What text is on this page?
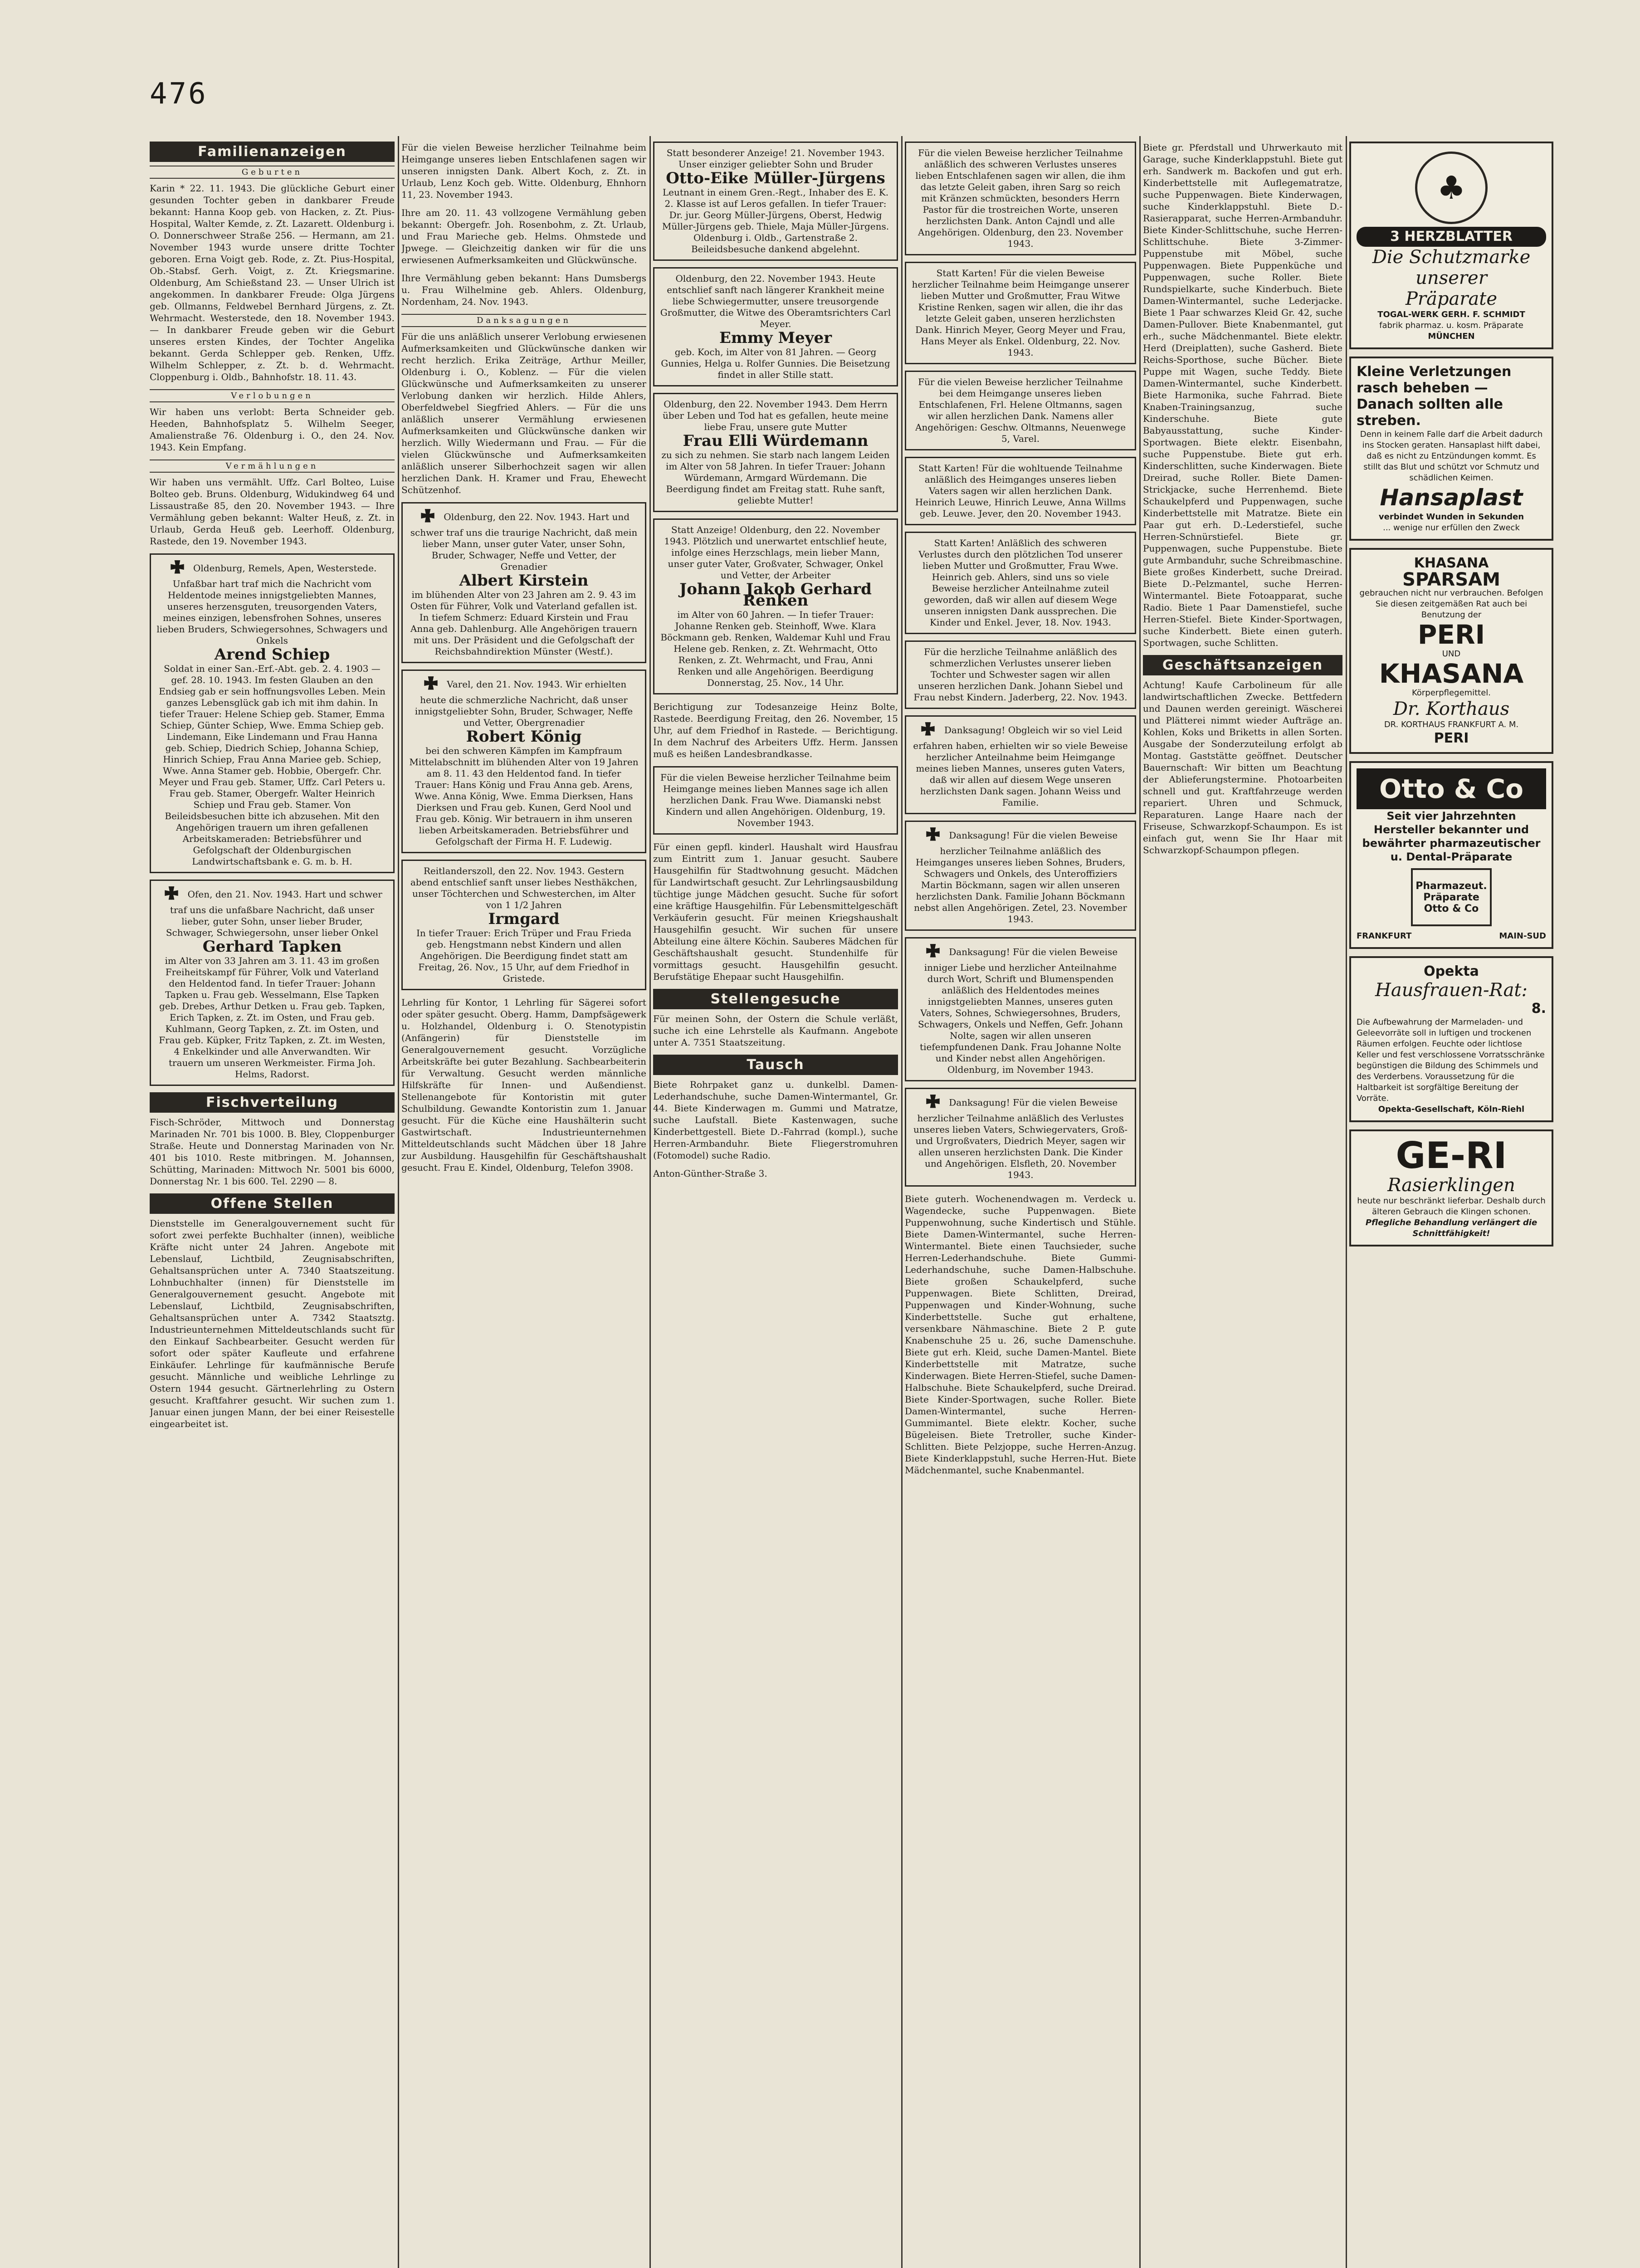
476
Familienanzeigen
Geburten
Karin * 22. 11. 1943. Die glückliche Geburt einer gesunden Tochter geben in dankbarer Freude bekannt: Hanna Koop geb. von Hacken, z. Zt. Pius-Hospital, Walter Kemde, z. Zt. Lazarett. Oldenburg i. O. Donnerschweer Straße 256. — Hermann, am 21. November 1943 wurde unsere dritte Tochter geboren. Erna Voigt geb. Rode, z. Zt. Pius-Hospital, Ob.-Stabsf. Gerh. Voigt, z. Zt. Kriegsmarine. Oldenburg, Am Schießstand 23. — Unser Ulrich ist angekommen. In dankbarer Freude: Olga Jürgens geb. Ollmanns, Feldwebel Bernhard Jürgens, z. Zt. Wehrmacht. Westerstede, den 18. November 1943. — In dankbarer Freude geben wir die Geburt unseres ersten Kindes, der Tochter Angelika bekannt. Gerda Schlepper geb. Renken, Uffz. Wilhelm Schlepper, z. Zt. b. d. Wehrmacht. Cloppenburg i. Oldb., Bahnhofstr. 18. 11. 43.
Verlobungen
Wir haben uns verlobt: Berta Schneider geb. Heeden, Bahnhofsplatz 5. Wilhelm Seeger, Amalienstraße 76. Oldenburg i. O., den 24. Nov. 1943. Kein Empfang.
Vermählungen
Wir haben uns vermählt. Uffz. Carl Bolteo, Luise Bolteo geb. Bruns. Oldenburg, Widukindweg 64 und Lissaustraße 85, den 20. November 1943. — Ihre Vermählung geben bekannt: Walter Heuß, z. Zt. in Urlaub, Gerda Heuß geb. Leerhoff. Oldenburg, Rastede, den 19. November 1943.
Oldenburg, Remels, Apen, Westerstede. Unfaßbar hart traf mich die Nachricht vom Heldentode meines innigstgeliebten Mannes, unseres herzensguten, treusorgenden Vaters, meines einzigen, lebensfrohen Sohnes, unseres lieben Bruders, Schwiegersohnes, Schwagers und Onkels
Arend Schiep
Soldat in einer San.-Erf.-Abt. geb. 2. 4. 1903 — gef. 28. 10. 1943. Im festen Glauben an den Endsieg gab er sein hoffnungsvolles Leben. Mein ganzes Lebensglück gab ich mit ihm dahin. In tiefer Trauer: Helene Schiep geb. Stamer, Emma Schiep, Günter Schiep, Wwe. Emma Schiep geb. Lindemann, Eike Lindemann und Frau Hanna geb. Schiep, Diedrich Schiep, Johanna Schiep, Hinrich Schiep, Frau Anna Mariee geb. Schiep, Wwe. Anna Stamer geb. Hobbie, Obergefr. Chr. Meyer und Frau geb. Stamer, Uffz. Carl Peters u. Frau geb. Stamer, Obergefr. Walter Heinrich Schiep und Frau geb. Stamer. Von Beileidsbesuchen bitte ich abzusehen. Mit den Angehörigen trauern um ihren gefallenen Arbeitskameraden: Betriebsführer und Gefolgschaft der Oldenburgischen Landwirtschaftsbank e. G. m. b. H.
Ofen, den 21. Nov. 1943. Hart und schwer traf uns die unfaßbare Nachricht, daß unser lieber, guter Sohn, unser lieber Bruder, Schwager, Schwiegersohn, unser lieber Onkel
Gerhard Tapken
im Alter von 33 Jahren am 3. 11. 43 im großen Freiheitskampf für Führer, Volk und Vaterland den Heldentod fand. In tiefer Trauer: Johann Tapken u. Frau geb. Wesselmann, Else Tapken geb. Drebes, Arthur Detken u. Frau geb. Tapken, Erich Tapken, z. Zt. im Osten, und Frau geb. Kuhlmann, Georg Tapken, z. Zt. im Osten, und Frau geb. Küpker, Fritz Tapken, z. Zt. im Westen, 4 Enkelkinder und alle Anverwandten. Wir trauern um unseren Werkmeister. Firma Joh. Helms, Radorst.
Fischverteilung
Fisch-Schröder, Mittwoch und Donnerstag Marinaden Nr. 701 bis 1000. B. Bley, Cloppenburger Straße. Heute und Donnerstag Marinaden von Nr. 401 bis 1010. Reste mitbringen. M. Johannsen, Schütting, Marinaden: Mittwoch Nr. 5001 bis 6000, Donnerstag Nr. 1 bis 600. Tel. 2290 — 8.
Offene Stellen
Dienststelle im Generalgouvernement sucht für sofort zwei perfekte Buchhalter (innen), weibliche Kräfte nicht unter 24 Jahren. Angebote mit Lebenslauf, Lichtbild, Zeugnisabschriften, Gehaltsansprüchen unter A. 7340 Staatszeitung. Lohnbuchhalter (innen) für Dienststelle im Generalgouvernement gesucht. Angebote mit Lebenslauf, Lichtbild, Zeugnisabschriften, Gehaltsansprüchen unter A. 7342 Staatsztg. Industrieunternehmen Mitteldeutschlands sucht für den Einkauf Sachbearbeiter. Gesucht werden für sofort oder später Kaufleute und erfahrene Einkäufer. Lehrlinge für kaufmännische Berufe gesucht. Männliche und weibliche Lehrlinge zu Ostern 1944 gesucht. Gärtnerlehrling zu Ostern gesucht. Kraftfahrer gesucht. Wir suchen zum 1. Januar einen jungen Mann, der bei einer Reisestelle eingearbeitet ist.
Für die vielen Beweise herzlicher Teilnahme beim Heimgange unseres lieben Entschlafenen sagen wir unseren innigsten Dank. Albert Koch, z. Zt. in Urlaub, Lenz Koch geb. Witte. Oldenburg, Ehnhorn 11, 23. November 1943.
Ihre am 20. 11. 43 vollzogene Vermählung geben bekannt: Obergefr. Joh. Rosenbohm, z. Zt. Urlaub, und Frau Marieche geb. Helms. Ohmstede und Jpwege. — Gleichzeitig danken wir für die uns erwiesenen Aufmerksamkeiten und Glückwünsche.
Ihre Vermählung geben bekannt: Hans Dumsbergs u. Frau Wilhelmine geb. Ahlers. Oldenburg, Nordenham, 24. Nov. 1943.
Danksagungen
Für die uns anläßlich unserer Verlobung erwiesenen Aufmerksamkeiten und Glückwünsche danken wir recht herzlich. Erika Zeiträge, Arthur Meiller, Oldenburg i. O., Koblenz. — Für die vielen Glückwünsche und Aufmerksamkeiten zu unserer Verlobung danken wir herzlich. Hilde Ahlers, Oberfeldwebel Siegfried Ahlers. — Für die uns anläßlich unserer Vermählung erwiesenen Aufmerksamkeiten und Glückwünsche danken wir herzlich. Willy Wiedermann und Frau. — Für die vielen Glückwünsche und Aufmerksamkeiten anläßlich unserer Silberhochzeit sagen wir allen herzlichen Dank. H. Kramer und Frau, Ehewecht Schützenhof.
Oldenburg, den 22. Nov. 1943. Hart und schwer traf uns die traurige Nachricht, daß mein lieber Mann, unser guter Vater, unser Sohn, Bruder, Schwager, Neffe und Vetter, der Grenadier
Albert Kirstein
im blühenden Alter von 23 Jahren am 2. 9. 43 im Osten für Führer, Volk und Vaterland gefallen ist. In tiefem Schmerz: Eduard Kirstein und Frau Anna geb. Dahlenburg. Alle Angehörigen trauern mit uns. Der Präsident und die Gefolgschaft der Reichsbahndirektion Münster (Westf.).
Varel, den 21. Nov. 1943. Wir erhielten heute die schmerzliche Nachricht, daß unser innigstgeliebter Sohn, Bruder, Schwager, Neffe und Vetter, Obergrenadier
Robert König
bei den schweren Kämpfen im Kampfraum Mittelabschnitt im blühenden Alter von 19 Jahren am 8. 11. 43 den Heldentod fand. In tiefer Trauer: Hans König und Frau Anna geb. Arens, Wwe. Anna König, Wwe. Emma Dierksen, Hans Dierksen und Frau geb. Kunen, Gerd Nool und Frau geb. König. Wir betrauern in ihm unseren lieben Arbeitskameraden. Betriebsführer und Gefolgschaft der Firma H. F. Ludewig.
Reitlanderszoll, den 22. Nov. 1943. Gestern abend entschlief sanft unser liebes Nesthäkchen, unser Töchterchen und Schwesterchen, im Alter von 1 1/2 Jahren
Irmgard
In tiefer Trauer: Erich Trüper und Frau Frieda geb. Hengstmann nebst Kindern und allen Angehörigen. Die Beerdigung findet statt am Freitag, 26. Nov., 15 Uhr, auf dem Friedhof in Gristede.
Lehrling für Kontor, 1 Lehrling für Sägerei sofort oder später gesucht. Oberg. Hamm, Dampfsägewerk u. Holzhandel, Oldenburg i. O. Stenotypistin (Anfängerin) für Dienststelle im Generalgouvernement gesucht. Vorzügliche Arbeitskräfte bei guter Bezahlung. Sachbearbeiterin für Verwaltung. Gesucht werden männliche Hilfskräfte für Innen- und Außendienst. Stellenangebote für Kontoristin mit guter Schulbildung. Gewandte Kontoristin zum 1. Januar gesucht. Für die Küche eine Haushälterin sucht Gastwirtschaft. Industrieunternehmen Mitteldeutschlands sucht Mädchen über 18 Jahre zur Ausbildung. Hausgehilfin für Geschäftshaushalt gesucht. Frau E. Kindel, Oldenburg, Telefon 3908.
Statt besonderer Anzeige! 21. November 1943. Unser einziger geliebter Sohn und Bruder
Otto-Eike Müller-Jürgens
Leutnant in einem Gren.-Regt., Inhaber des E. K. 2. Klasse ist auf Leros gefallen. In tiefer Trauer: Dr. jur. Georg Müller-Jürgens, Oberst, Hedwig Müller-Jürgens geb. Thiele, Maja Müller-Jürgens. Oldenburg i. Oldb., Gartenstraße 2. Beileidsbesuche dankend abgelehnt.
Oldenburg, den 22. November 1943. Heute entschlief sanft nach längerer Krankheit meine liebe Schwiegermutter, unsere treusorgende Großmutter, die Witwe des Oberamtsrichters Carl Meyer.
Emmy Meyer
geb. Koch, im Alter von 81 Jahren. — Georg Gunnies, Helga u. Rolfer Gunnies. Die Beisetzung findet in aller Stille statt.
Oldenburg, den 22. November 1943. Dem Herrn über Leben und Tod hat es gefallen, heute meine liebe Frau, unsere gute Mutter
Frau Elli Würdemann
zu sich zu nehmen. Sie starb nach langem Leiden im Alter von 58 Jahren. In tiefer Trauer: Johann Würdemann, Armgard Würdemann. Die Beerdigung findet am Freitag statt. Ruhe sanft, geliebte Mutter!
Statt Anzeige! Oldenburg, den 22. November 1943. Plötzlich und unerwartet entschlief heute, infolge eines Herzschlags, mein lieber Mann, unser guter Vater, Großvater, Schwager, Onkel und Vetter, der Arbeiter
Johann Jakob Gerhard Renken
im Alter von 60 Jahren. — In tiefer Trauer: Johanne Renken geb. Steinhoff, Wwe. Klara Böckmann geb. Renken, Waldemar Kuhl und Frau Helene geb. Renken, z. Zt. Wehrmacht, Otto Renken, z. Zt. Wehrmacht, und Frau, Anni Renken und alle Angehörigen. Beerdigung Donnerstag, 25. Nov., 14 Uhr.
Berichtigung zur Todesanzeige Heinz Bolte, Rastede. Beerdigung Freitag, den 26. November, 15 Uhr, auf dem Friedhof in Rastede. — Berichtigung. In dem Nachruf des Arbeiters Uffz. Herm. Janssen muß es heißen Landesbrandkasse.
Für die vielen Beweise herzlicher Teilnahme beim Heimgange meines lieben Mannes sage ich allen herzlichen Dank. Frau Wwe. Diamanski nebst Kindern und allen Angehörigen. Oldenburg, 19. November 1943.
Für einen gepfl. kinderl. Haushalt wird Hausfrau zum Eintritt zum 1. Januar gesucht. Saubere Hausgehilfin für Stadtwohnung gesucht. Mädchen für Landwirtschaft gesucht. Zur Lehrlingsausbildung tüchtige junge Mädchen gesucht. Suche für sofort eine kräftige Hausgehilfin. Für Lebensmittelgeschäft Verkäuferin gesucht. Für meinen Kriegshaushalt Hausgehilfin gesucht. Wir suchen für unsere Abteilung eine ältere Köchin. Sauberes Mädchen für Geschäftshaushalt gesucht. Stundenhilfe für vormittags gesucht. Hausgehilfin gesucht. Berufstätige Ehepaar sucht Hausgehilfin.
Stellengesuche
Für meinen Sohn, der Ostern die Schule verläßt, suche ich eine Lehrstelle als Kaufmann. Angebote unter A. 7351 Staatszeitung.
Tausch
Biete Rohrpaket ganz u. dunkelbl. Damen-Lederhandschuhe, suche Damen-Wintermantel, Gr. 44. Biete Kinderwagen m. Gummi und Matratze, suche Laufstall. Biete Kastenwagen, suche Kinderbettgestell. Biete D.-Fahrrad (kompl.), suche Herren-Armbanduhr. Biete Fliegerstromuhren (Fotomodel) suche Radio.
Anton-Günther-Straße 3.
Für die vielen Beweise herzlicher Teilnahme anläßlich des schweren Verlustes unseres lieben Entschlafenen sagen wir allen, die ihm das letzte Geleit gaben, ihren Sarg so reich mit Kränzen schmückten, besonders Herrn Pastor für die trostreichen Worte, unseren herzlichsten Dank. Anton Cajndl und alle Angehörigen. Oldenburg, den 23. November 1943.
Statt Karten! Für die vielen Beweise herzlicher Teilnahme beim Heimgange unserer lieben Mutter und Großmutter, Frau Witwe Kristine Renken, sagen wir allen, die ihr das letzte Geleit gaben, unseren herzlichsten Dank. Hinrich Meyer, Georg Meyer und Frau, Hans Meyer als Enkel. Oldenburg, 22. Nov. 1943.
Für die vielen Beweise herzlicher Teilnahme bei dem Heimgange unseres lieben Entschlafenen, Frl. Helene Oltmanns, sagen wir allen herzlichen Dank. Namens aller Angehörigen: Geschw. Oltmanns, Neuenwege 5, Varel.
Statt Karten! Für die wohltuende Teilnahme anläßlich des Heimganges unseres lieben Vaters sagen wir allen herzlichen Dank. Heinrich Leuwe, Hinrich Leuwe, Anna Willms geb. Leuwe. Jever, den 20. November 1943.
Statt Karten! Anläßlich des schweren Verlustes durch den plötzlichen Tod unserer lieben Mutter und Großmutter, Frau Wwe. Heinrich geb. Ahlers, sind uns so viele Beweise herzlicher Anteilnahme zuteil geworden, daß wir allen auf diesem Wege unseren innigsten Dank aussprechen. Die Kinder und Enkel. Jever, 18. Nov. 1943.
Für die herzliche Teilnahme anläßlich des schmerzlichen Verlustes unserer lieben Tochter und Schwester sagen wir allen unseren herzlichen Dank. Johann Siebel und Frau nebst Kindern. Jaderberg, 22. Nov. 1943.
Danksagung! Obgleich wir so viel Leid erfahren haben, erhielten wir so viele Beweise herzlicher Anteilnahme beim Heimgange meines lieben Mannes, unseres guten Vaters, daß wir allen auf diesem Wege unseren herzlichsten Dank sagen. Johann Weiss und Familie.
Danksagung! Für die vielen Beweise herzlicher Teilnahme anläßlich des Heimganges unseres lieben Sohnes, Bruders, Schwagers und Onkels, des Unteroffiziers Martin Böckmann, sagen wir allen unseren herzlichsten Dank. Familie Johann Böckmann nebst allen Angehörigen. Zetel, 23. November 1943.
Danksagung! Für die vielen Beweise inniger Liebe und herzlicher Anteilnahme durch Wort, Schrift und Blumenspenden anläßlich des Heldentodes meines innigstgeliebten Mannes, unseres guten Vaters, Sohnes, Schwiegersohnes, Bruders, Schwagers, Onkels und Neffen, Gefr. Johann Nolte, sagen wir allen unseren tiefempfundenen Dank. Frau Johanne Nolte und Kinder nebst allen Angehörigen. Oldenburg, im November 1943.
Danksagung! Für die vielen Beweise herzlicher Teilnahme anläßlich des Verlustes unseres lieben Vaters, Schwiegervaters, Groß- und Urgroßvaters, Diedrich Meyer, sagen wir allen unseren herzlichsten Dank. Die Kinder und Angehörigen. Elsfleth, 20. November 1943.
Biete guterh. Wochenendwagen m. Verdeck u. Wagendecke, suche Puppenwagen. Biete Puppenwohnung, suche Kindertisch und Stühle. Biete Damen-Wintermantel, suche Herren-Wintermantel. Biete einen Tauchsieder, suche Herren-Lederhandschuhe. Biete Gummi-Lederhandschuhe, suche Damen-Halbschuhe. Biete großen Schaukelpferd, suche Puppenwagen. Biete Schlitten, Dreirad, Puppenwagen und Kinder-Wohnung, suche Kinderbettstelle. Suche gut erhaltene, versenkbare Nähmaschine. Biete 2 P. gute Knabenschuhe 25 u. 26, suche Damenschuhe. Biete gut erh. Kleid, suche Damen-Mantel. Biete Kinderbettstelle mit Matratze, suche Kinderwagen. Biete Herren-Stiefel, suche Damen-Halbschuhe. Biete Schaukelpferd, suche Dreirad. Biete Kinder-Sportwagen, suche Roller. Biete Damen-Wintermantel, suche Herren-Gummimantel. Biete elektr. Kocher, suche Bügeleisen. Biete Tretroller, suche Kinder-Schlitten. Biete Pelzjoppe, suche Herren-Anzug. Biete Kinderklappstuhl, suche Herren-Hut. Biete Mädchenmantel, suche Knabenmantel.
Biete gr. Pferdstall und Uhrwerkauto mit Garage, suche Kinderklappstuhl. Biete gut erh. Sandwerk m. Backofen und gut erh. Kinderbettstelle mit Auflegematratze, suche Puppenwagen. Biete Kinderwagen, suche Kinderklappstuhl. Biete D.-Rasierapparat, suche Herren-Armbanduhr. Biete Kinder-Schlittschuhe, suche Herren-Schlittschuhe. Biete 3-Zimmer-Puppenstube mit Möbel, suche Puppenwagen. Biete Puppenküche und Puppenwagen, suche Roller. Biete Rundspielkarte, suche Kinderbuch. Biete Damen-Wintermantel, suche Lederjacke. Biete 1 Paar schwarzes Kleid Gr. 42, suche Damen-Pullover. Biete Knabenmantel, gut erh., suche Mädchenmantel. Biete elektr. Herd (Dreiplatten), suche Gasherd. Biete Reichs-Sporthose, suche Bücher. Biete Puppe mit Wagen, suche Teddy. Biete Damen-Wintermantel, suche Kinderbett. Biete Harmonika, suche Fahrrad. Biete Knaben-Trainingsanzug, suche Kinderschuhe. Biete gute Babyausstattung, suche Kinder-Sportwagen. Biete elektr. Eisenbahn, suche Puppenstube. Biete gut erh. Kinderschlitten, suche Kinderwagen. Biete Dreirad, suche Roller. Biete Damen-Strickjacke, suche Herrenhemd. Biete Schaukelpferd und Puppenwagen, suche Kinderbettstelle mit Matratze. Biete ein Paar gut erh. D.-Lederstiefel, suche Herren-Schnürstiefel. Biete gr. Puppenwagen, suche Puppenstube. Biete gute Armbanduhr, suche Schreibmaschine. Biete großes Kinderbett, suche Dreirad. Biete D.-Pelzmantel, suche Herren-Wintermantel. Biete Fotoapparat, suche Radio. Biete 1 Paar Damenstiefel, suche Herren-Stiefel. Biete Kinder-Sportwagen, suche Kinderbett. Biete einen guterh. Sportwagen, suche Schlitten.
Geschäftsanzeigen
Achtung! Kaufe Carbolineum für alle landwirtschaftlichen Zwecke. Bettfedern und Daunen werden gereinigt. Wäscherei und Plätterei nimmt wieder Aufträge an. Kohlen, Koks und Briketts in allen Sorten. Ausgabe der Sonderzuteilung erfolgt ab Montag. Gaststätte geöffnet. Deutscher Bauernschaft: Wir bitten um Beachtung der Ablieferungstermine. Photoarbeiten schnell und gut. Kraftfahrzeuge werden repariert. Uhren und Schmuck, Reparaturen. Lange Haare nach der Friseuse, Schwarzkopf-Schaumpon. Es ist einfach gut, wenn Sie Ihr Haar mit Schwarzkopf-Schaumpon pflegen.
♣
3 HERZBLATTER
Die Schutzmarke
unserer
Präparate
TOGAL-WERK GERH. F. SCHMIDT
fabrik pharmaz. u. kosm. Präparate
MÜNCHEN
Kleine Verletzungen rasch beheben — Danach sollten alle streben.
Denn in keinem Falle darf die Arbeit dadurch ins Stocken geraten. Hansaplast hilft dabei, daß es nicht zu Entzündungen kommt. Es stillt das Blut und schützt vor Schmutz und schädlichen Keimen.
Hansaplast
verbindet Wunden in Sekunden
... wenige nur erfüllen den Zweck
KHASANA
SPARSAM
gebrauchen nicht nur verbrauchen. Befolgen Sie diesen zeitgemäßen Rat auch bei Benutzung der
PERI
UND
KHASANA
Körperpflegemittel.
Dr. Korthaus
DR. KORTHAUS FRANKFURT A. M.
PERI
Otto & Co
Seit vier Jahrzehnten Hersteller bekannter und bewährter pharmazeutischer u. Dental-Präparate
Pharmazeut. Präparate Otto & Co
FRANKFURT	MAIN-SUD
Opekta
Hausfrauen-Rat:
8.
Die Aufbewahrung der Marmeladen- und Geleevorräte soll in luftigen und trockenen Räumen erfolgen. Feuchte oder lichtlose Keller und fest verschlossene Vorratsschränke begünstigen die Bildung des Schimmels und des Verderbens. Voraussetzung für die Haltbarkeit ist sorgfältige Bereitung der Vorräte.
Opekta-Gesellschaft, Köln-Riehl
GE-RI
Rasierklingen
heute nur beschränkt lieferbar. Deshalb durch älteren Gebrauch die Klingen schonen.
Pflegliche Behandlung verlängert die Schnittfähigkeit!
